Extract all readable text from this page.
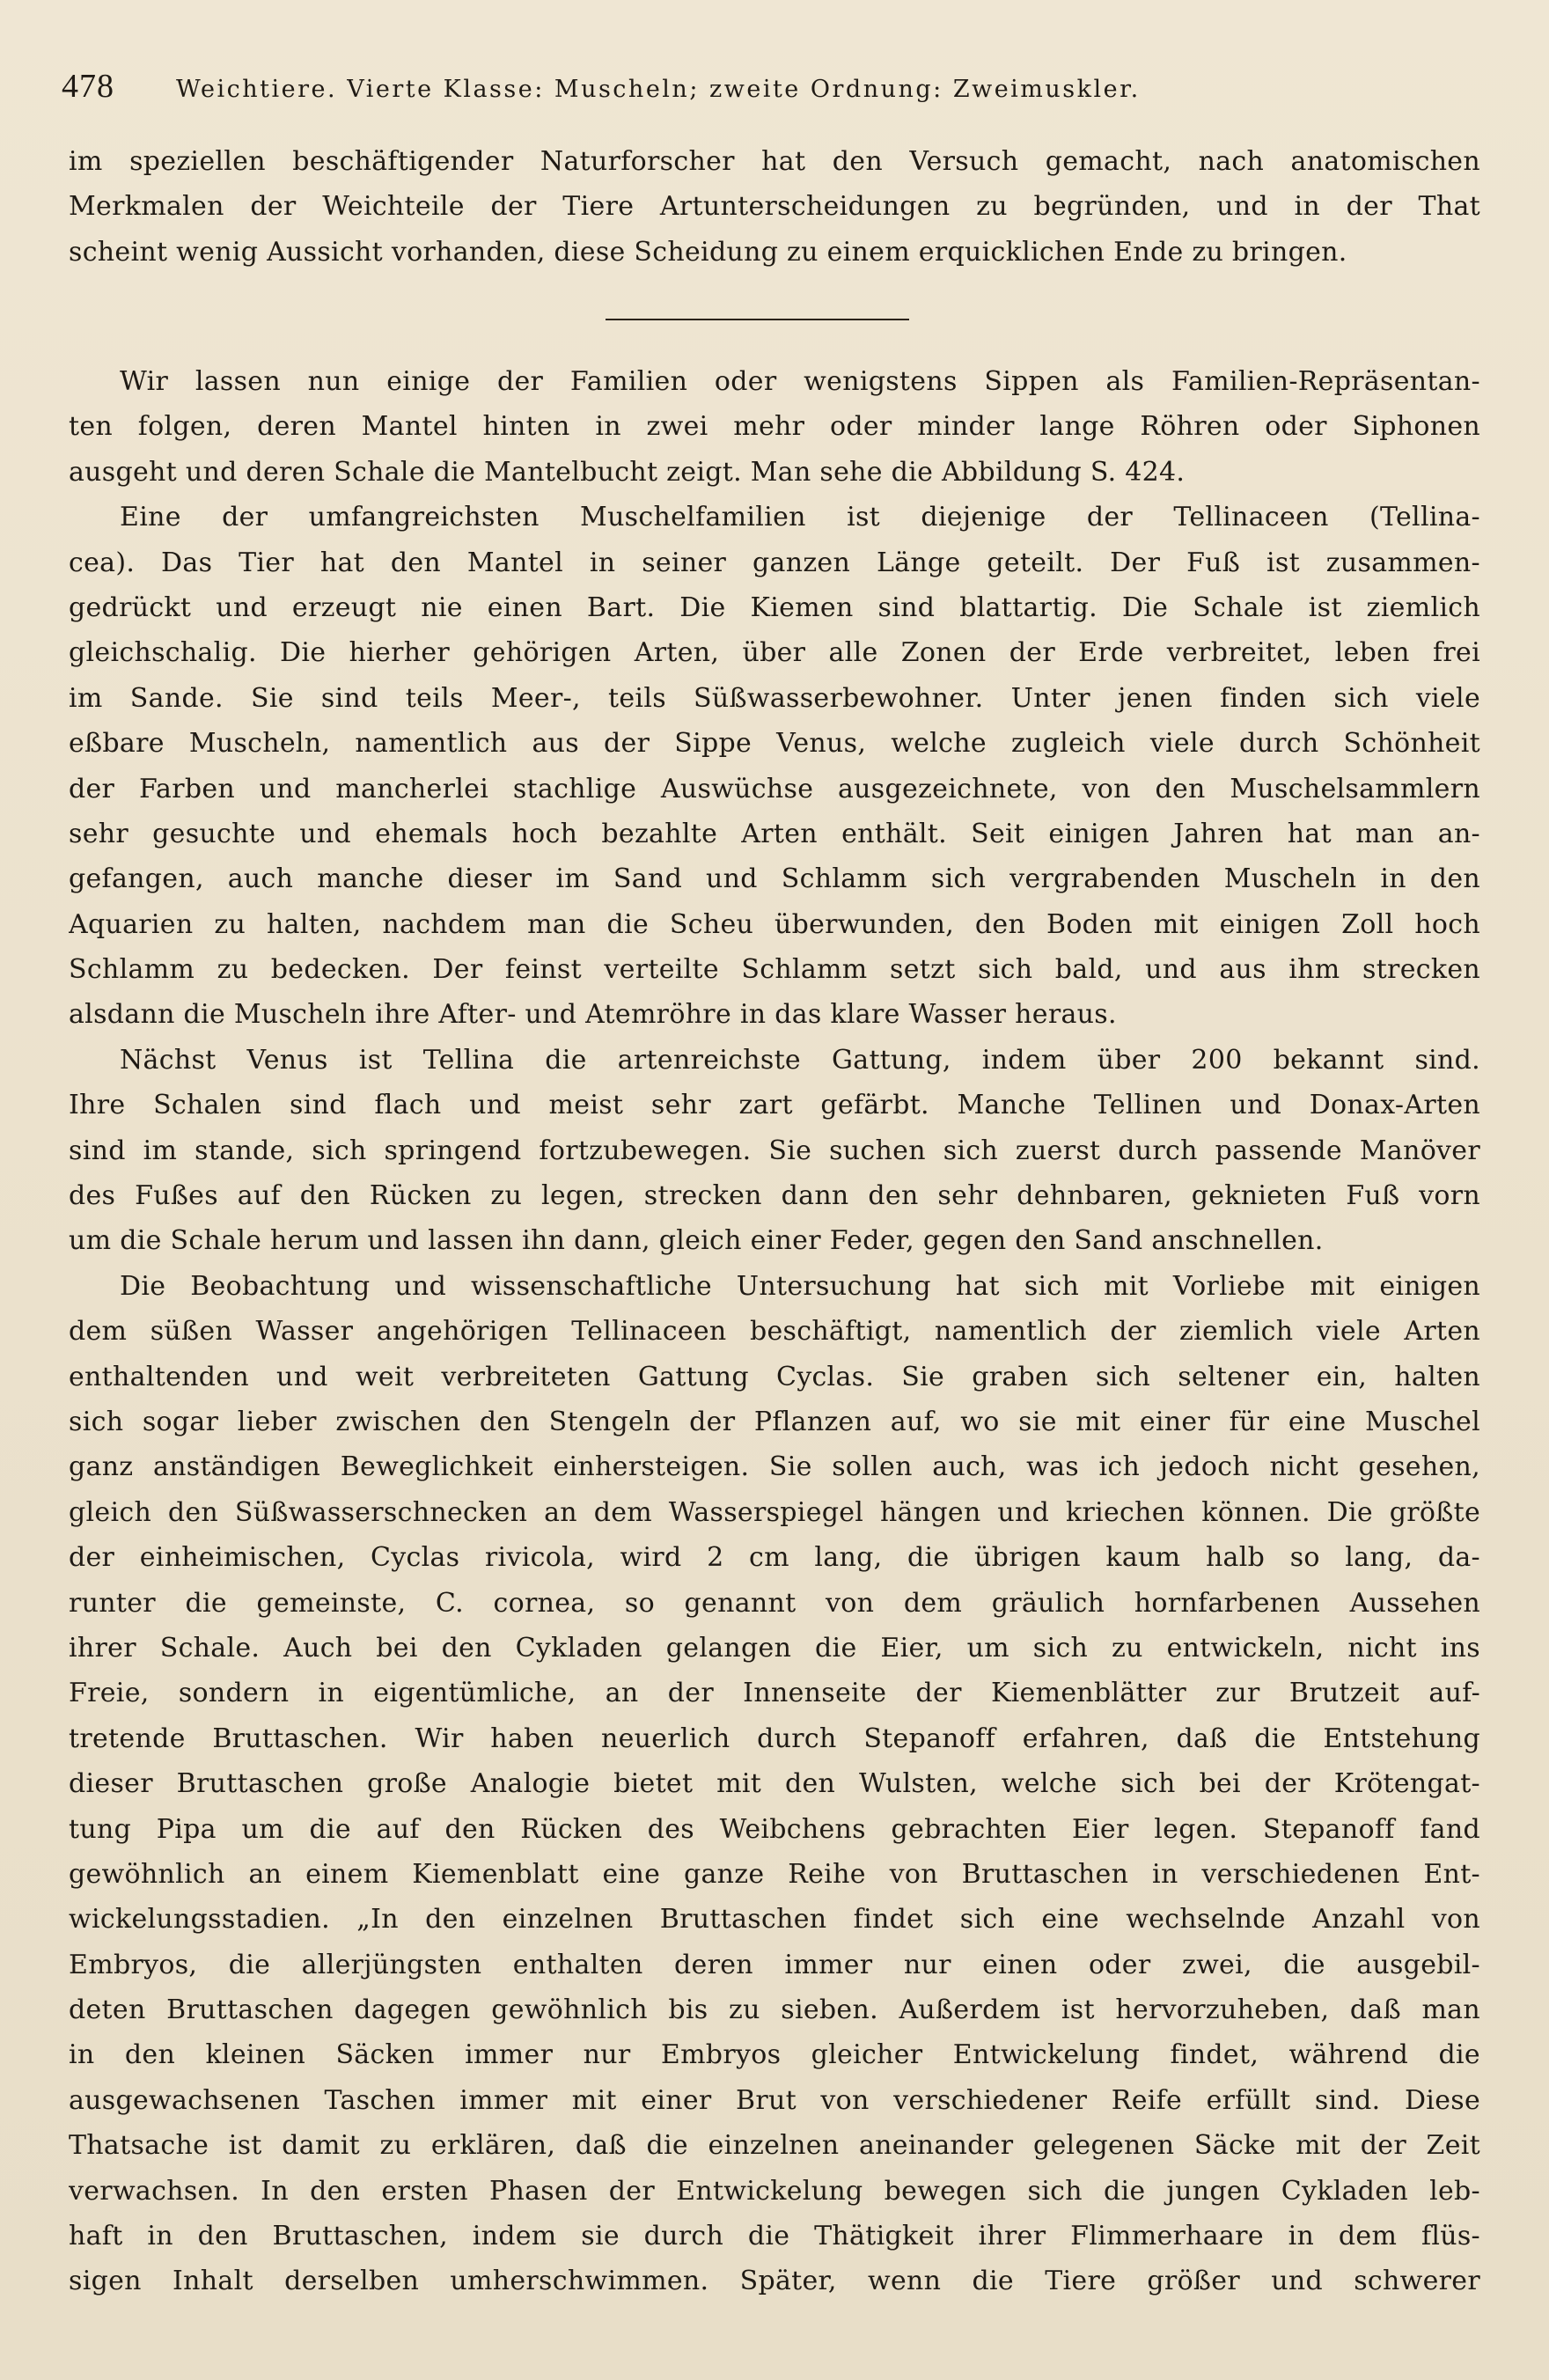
478	Weichtiere. Vierte Klasse: Muscheln; zweite Ordnung: Zweimuskler.
im speziellen beschäftigender Naturforscher hat den Versuch gemacht, nach anatomischen
Merkmalen der Weichteile der Tiere Artunterscheidungen zu begründen, und in der That
scheint wenig Aussicht vorhanden, diese Scheidung zu einem erquicklichen Ende zu bringen.
Wir lassen nun einige der Familien oder wenigstens Sippen als Familien-Repräsentan-
ten folgen, deren Mantel hinten in zwei mehr oder minder lange Röhren oder Siphonen
ausgeht und deren Schale die Mantelbucht zeigt. Man sehe die Abbildung S. 424.
Eine der umfangreichsten Muschelfamilien ist diejenige der Tellinaceen (Tellina-
cea). Das Tier hat den Mantel in seiner ganzen Länge geteilt. Der Fuß ist zusammen-
gedrückt und erzeugt nie einen Bart. Die Kiemen sind blattartig. Die Schale ist ziemlich
gleichschalig. Die hierher gehörigen Arten, über alle Zonen der Erde verbreitet, leben frei
im Sande. Sie sind teils Meer-, teils Süßwasserbewohner. Unter jenen finden sich viele
eßbare Muscheln, namentlich aus der Sippe Venus, welche zugleich viele durch Schönheit
der Farben und mancherlei stachlige Auswüchse ausgezeichnete, von den Muschelsammlern
sehr gesuchte und ehemals hoch bezahlte Arten enthält. Seit einigen Jahren hat man an-
gefangen, auch manche dieser im Sand und Schlamm sich vergrabenden Muscheln in den
Aquarien zu halten, nachdem man die Scheu überwunden, den Boden mit einigen Zoll hoch
Schlamm zu bedecken. Der feinst verteilte Schlamm setzt sich bald, und aus ihm strecken
alsdann die Muscheln ihre After- und Atemröhre in das klare Wasser heraus.
Nächst Venus ist Tellina die artenreichste Gattung, indem über 200 bekannt sind.
Ihre Schalen sind flach und meist sehr zart gefärbt. Manche Tellinen und Donax-Arten
sind im stande, sich springend fortzubewegen. Sie suchen sich zuerst durch passende Manöver
des Fußes auf den Rücken zu legen, strecken dann den sehr dehnbaren, geknieten Fuß vorn
um die Schale herum und lassen ihn dann, gleich einer Feder, gegen den Sand anschnellen.
Die Beobachtung und wissenschaftliche Untersuchung hat sich mit Vorliebe mit einigen
dem süßen Wasser angehörigen Tellinaceen beschäftigt, namentlich der ziemlich viele Arten
enthaltenden und weit verbreiteten Gattung Cyclas. Sie graben sich seltener ein, halten
sich sogar lieber zwischen den Stengeln der Pflanzen auf, wo sie mit einer für eine Muschel
ganz anständigen Beweglichkeit einhersteigen. Sie sollen auch, was ich jedoch nicht gesehen,
gleich den Süßwasserschnecken an dem Wasserspiegel hängen und kriechen können. Die größte
der einheimischen, Cyclas rivicola, wird 2 cm lang, die übrigen kaum halb so lang, da-
runter die gemeinste, C. cornea, so genannt von dem gräulich hornfarbenen Aussehen
ihrer Schale. Auch bei den Cykladen gelangen die Eier, um sich zu entwickeln, nicht ins
Freie, sondern in eigentümliche, an der Innenseite der Kiemenblätter zur Brutzeit auf-
tretende Bruttaschen. Wir haben neuerlich durch Stepanoff erfahren, daß die Entstehung
dieser Bruttaschen große Analogie bietet mit den Wulsten, welche sich bei der Krötengat-
tung Pipa um die auf den Rücken des Weibchens gebrachten Eier legen. Stepanoff fand
gewöhnlich an einem Kiemenblatt eine ganze Reihe von Bruttaschen in verschiedenen Ent-
wickelungsstadien. „In den einzelnen Bruttaschen findet sich eine wechselnde Anzahl von
Embryos, die allerjüngsten enthalten deren immer nur einen oder zwei, die ausgebil-
deten Bruttaschen dagegen gewöhnlich bis zu sieben. Außerdem ist hervorzuheben, daß man
in den kleinen Säcken immer nur Embryos gleicher Entwickelung findet, während die
ausgewachsenen Taschen immer mit einer Brut von verschiedener Reife erfüllt sind. Diese
Thatsache ist damit zu erklären, daß die einzelnen aneinander gelegenen Säcke mit der Zeit
verwachsen. In den ersten Phasen der Entwickelung bewegen sich die jungen Cykladen leb-
haft in den Bruttaschen, indem sie durch die Thätigkeit ihrer Flimmerhaare in dem flüs-
sigen Inhalt derselben umherschwimmen. Später, wenn die Tiere größer und schwerer
